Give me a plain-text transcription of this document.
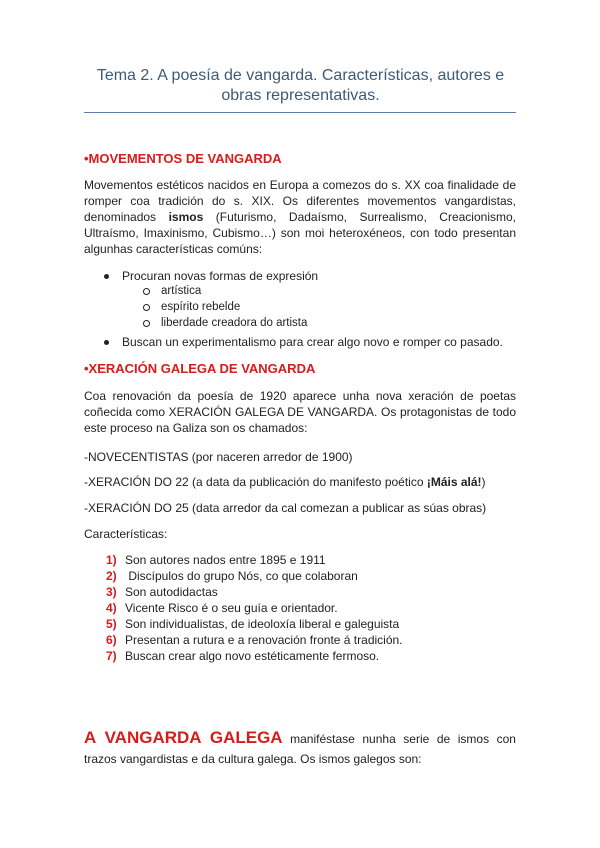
Tema 2. A poesía de vangarda. Características, autores e obras representativas.
•MOVEMENTOS DE VANGARDA
Movementos estéticos nacidos en Europa a comezos do s. XX coa finalidade de romper coa tradición do s. XIX. Os diferentes movementos vangardistas, denominados ismos (Futurismo, Dadaísmo, Surrealismo, Creacionismo, Ultraísmo, Imaxinismo, Cubismo…) son moi heteroxéneos, con todo presentan algunhas características comúns:
Procuran novas formas de expresión
artística
espírito rebelde
liberdade creadora do artista
Buscan un experimentalismo para crear algo novo e romper co pasado.
•XERACIÓN GALEGA DE VANGARDA
Coa renovación da poesía de 1920 aparece unha nova xeración de poetas coñecida como XERACIÓN GALEGA DE VANGARDA. Os protagonistas de todo este proceso na Galiza son os chamados:
-NOVECENTISTAS (por naceren arredor de 1900)
-XERACIÓN DO 22 (a data da publicación do manifesto poético ¡Máis alá!)
-XERACIÓN DO 25 (data arredor da cal comezan a publicar as súas obras)
Características:
1) Son autores nados entre 1895 e 1911
2) Discípulos do grupo Nós, co que colaboran
3) Son autodidactas
4) Vicente Risco é o seu guía e orientador.
5) Son individualistas, de ideoloxía liberal e galeguista
6) Presentan a rutura e a renovación fronte á tradición.
7) Buscan crear algo novo estéticamente fermoso.
A VANGARDA GALEGA maniféstase nunha serie de ismos con trazos vangardistas e da cultura galega. Os ismos galegos son:
